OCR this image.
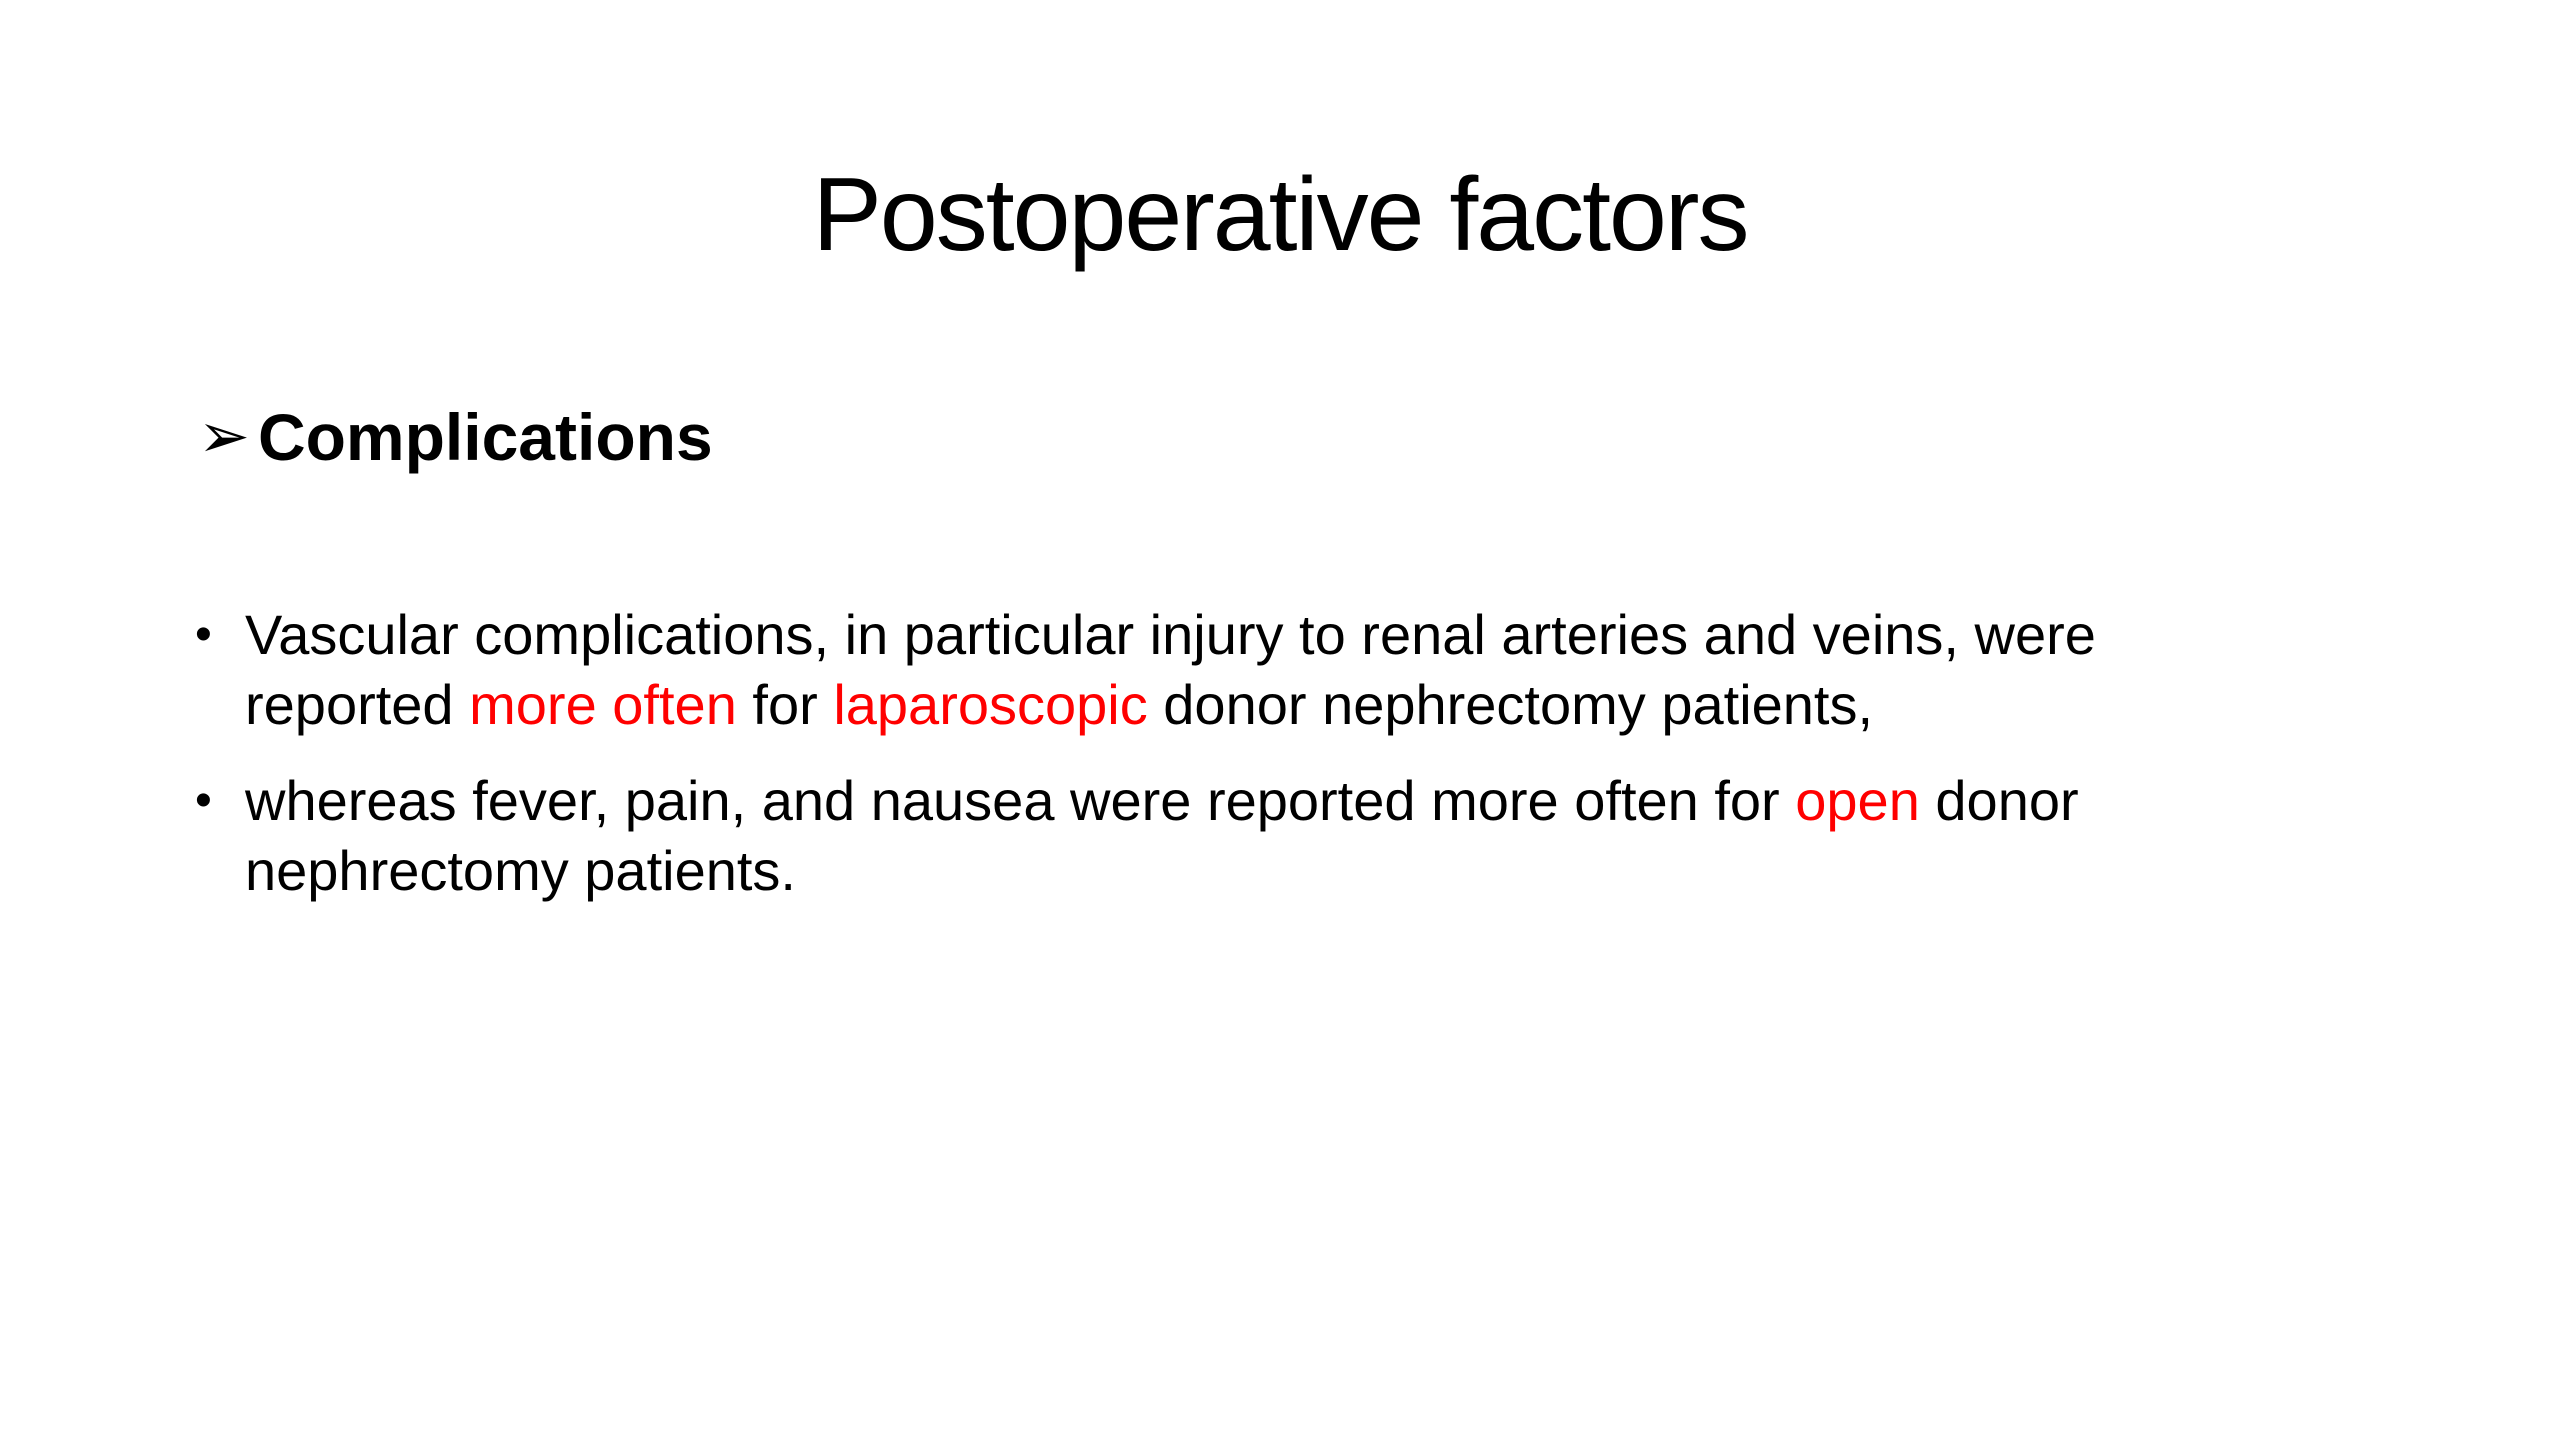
Postoperative factors
➢ Complications
• Vascular complications, in particular injury to renal arteries and veins, were reported more often for laparoscopic donor nephrectomy patients,
• whereas fever, pain, and nausea were reported more often for open donor nephrectomy patients.
